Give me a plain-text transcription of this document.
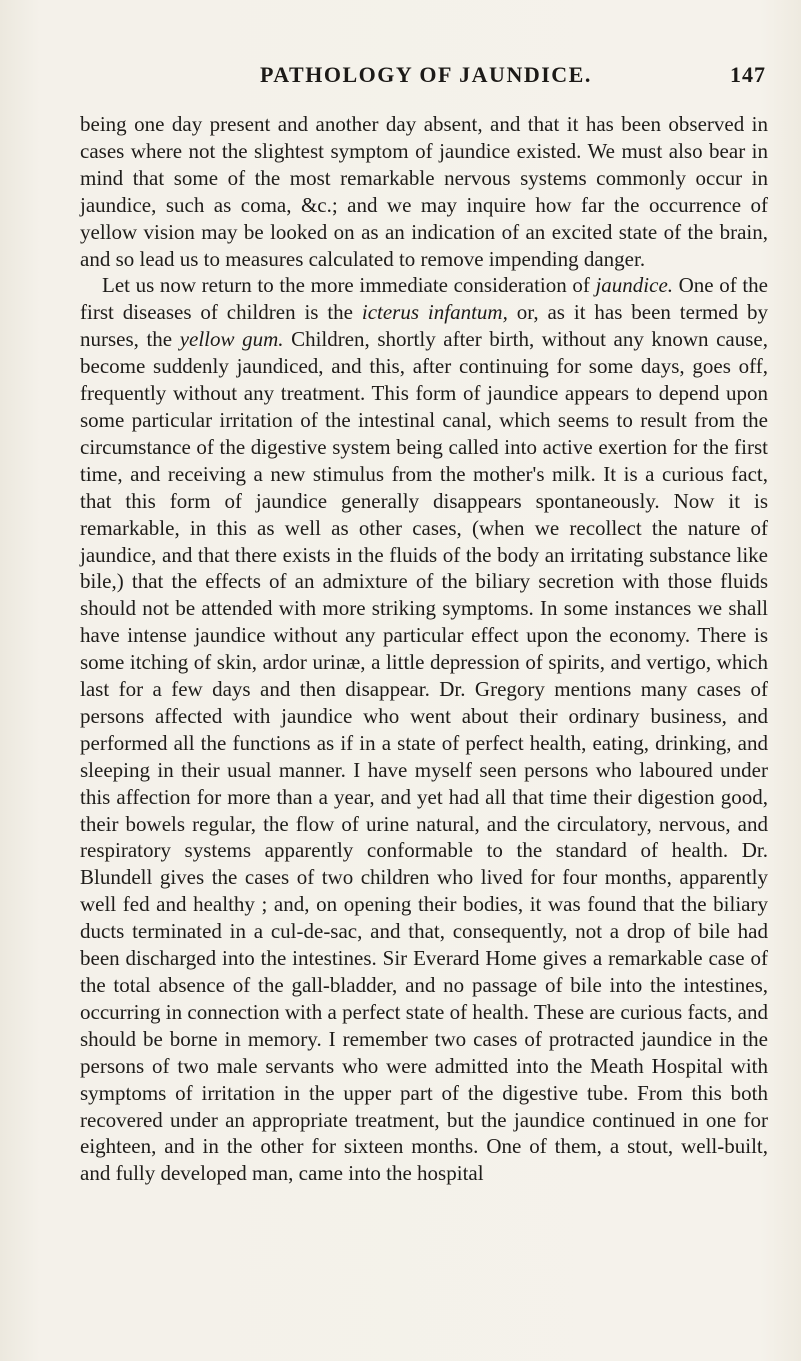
PATHOLOGY OF JAUNDICE.	147

being one day present and another day absent, and that it has been observed in cases where not the slightest symptom of jaundice existed. We must also bear in mind that some of the most remarkable nervous systems commonly occur in jaundice, such as coma, &c.; and we may inquire how far the occurrence of yellow vision may be looked on as an indication of an excited state of the brain, and so lead us to measures calculated to remove impending danger.

Let us now return to the more immediate consideration of jaundice. One of the first diseases of children is the icterus infantum, or, as it has been termed by nurses, the yellow gum. Children, shortly after birth, without any known cause, become suddenly jaundiced, and this, after continuing for some days, goes off, frequently without any treatment. This form of jaundice appears to depend upon some particular irritation of the intestinal canal, which seems to result from the circumstance of the digestive system being called into active exertion for the first time, and receiving a new stimulus from the mother's milk. It is a curious fact, that this form of jaundice generally disappears spontaneously. Now it is remarkable, in this as well as other cases, (when we recollect the nature of jaundice, and that there exists in the fluids of the body an irritating substance like bile,) that the effects of an admixture of the biliary secretion with those fluids should not be attended with more striking symptoms. In some instances we shall have intense jaundice without any particular effect upon the economy. There is some itching of skin, ardor urinæ, a little depression of spirits, and vertigo, which last for a few days and then disappear. Dr. Gregory mentions many cases of persons affected with jaundice who went about their ordinary business, and performed all the functions as if in a state of perfect health, eating, drinking, and sleeping in their usual manner. I have myself seen persons who laboured under this affection for more than a year, and yet had all that time their digestion good, their bowels regular, the flow of urine natural, and the circulatory, nervous, and respiratory systems apparently conformable to the standard of health. Dr. Blundell gives the cases of two children who lived for four months, apparently well fed and healthy ; and, on opening their bodies, it was found that the biliary ducts terminated in a cul-de-sac, and that, consequently, not a drop of bile had been discharged into the intestines. Sir Everard Home gives a remarkable case of the total absence of the gall-bladder, and no passage of bile into the intestines, occurring in connection with a perfect state of health. These are curious facts, and should be borne in memory. I remember two cases of protracted jaundice in the persons of two male servants who were admitted into the Meath Hospital with symptoms of irritation in the upper part of the digestive tube. From this both recovered under an appropriate treatment, but the jaundice continued in one for eighteen, and in the other for sixteen months. One of them, a stout, well-built, and fully developed man, came into the hospital
